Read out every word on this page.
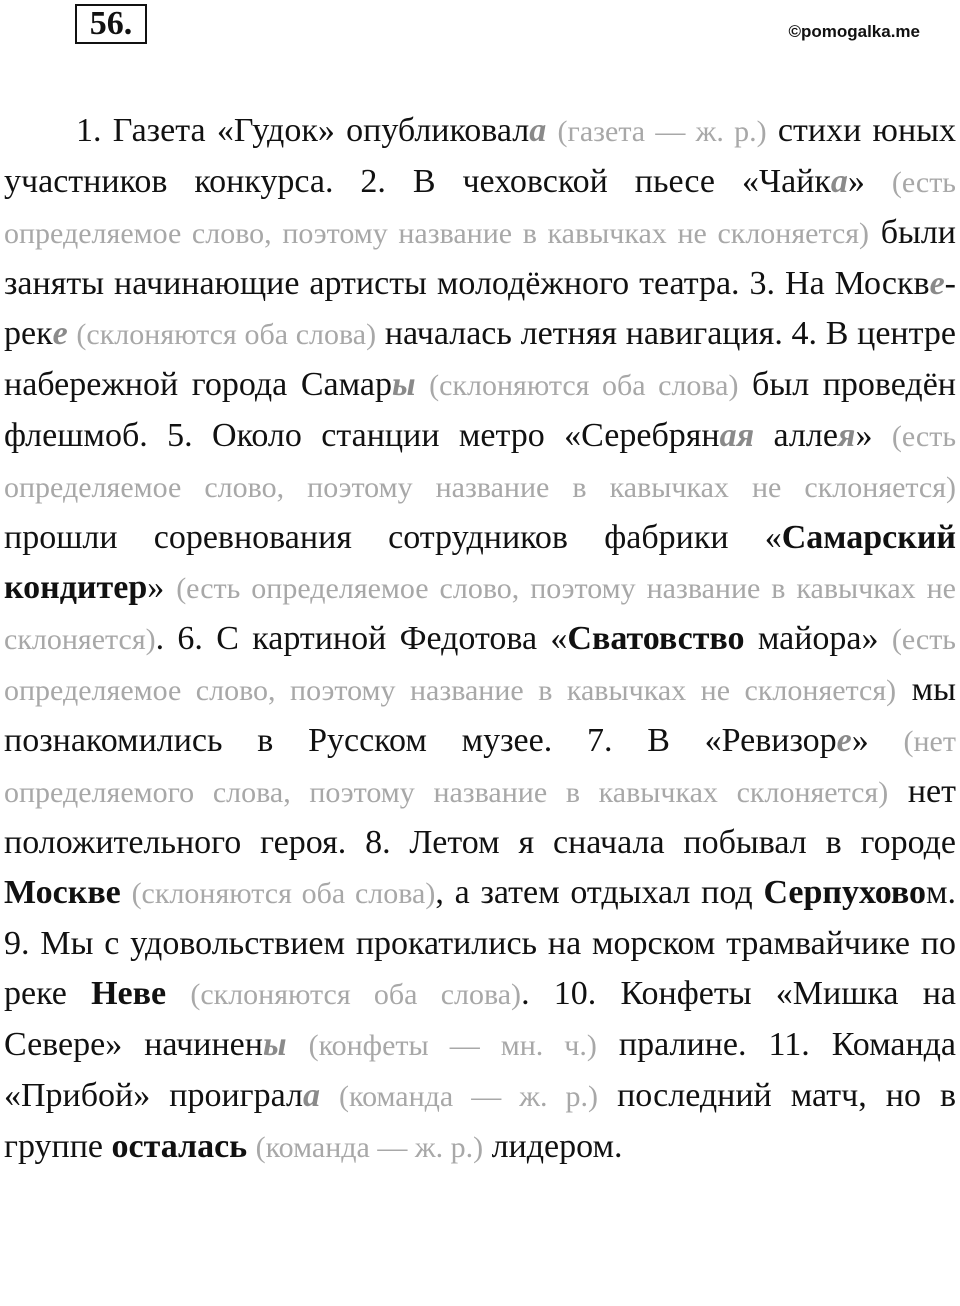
56.	©pomogalka.me

1. Газета «Гудок» опубликовала (газета — ж. р.) стихи юных участников конкурса. 2. В чеховской пьесе «Чайка» (есть определяемое слово, поэтому название в кавычках не склоняется) были заняты начинающие артисты молодёжного театра. 3. На Москве-реке (склоняются оба слова) началась летняя навигация. 4. В центре набережной города Самары (склоняются оба слова) был проведён флешмоб. 5. Около станции метро «Серебряная аллея» (есть определяемое слово, поэтому название в кавычках не склоняется) прошли соревнования сотрудников фабрики «Самарский кондитер» (есть определяемое слово, поэтому название в кавычках не склоняется). 6. С картиной Федотова «Сватовство майора» (есть определяемое слово, поэтому название в кавычках не склоняется) мы познакомились в Русском музее. 7. В «Ревизоре» (нет определяемого слова, поэтому название в кавычках склоняется) нет положительного героя. 8. Летом я сначала побывал в городе Москве (склоняются оба слова), а затем отдыхал под Серпуховом. 9. Мы с удовольствием прокатились на морском трамвайчике по реке Неве (склоняются оба слова). 10. Конфеты «Мишка на Севере» начинены (конфеты — мн. ч.) пралине. 11. Команда «Прибой» проиграла (команда — ж. р.) последний матч, но в группе осталась (команда — ж. р.) лидером.
